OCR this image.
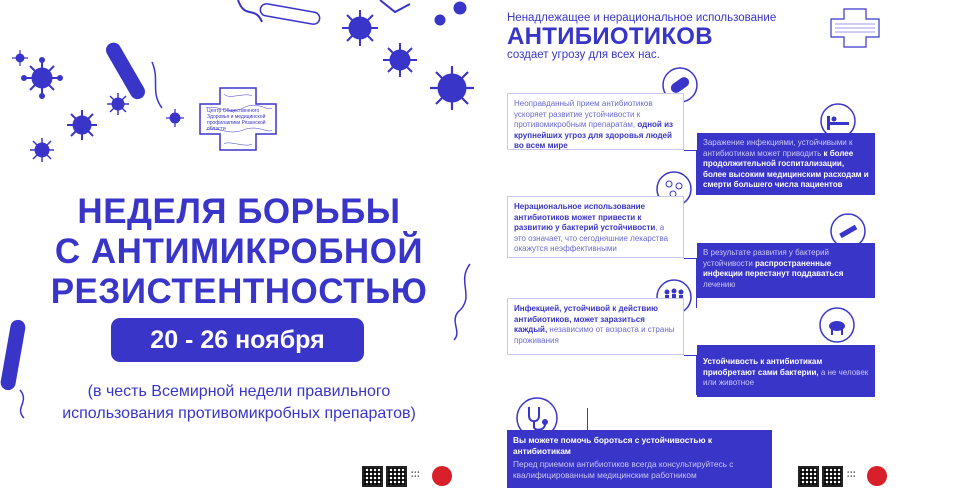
Центр Общественного Здоровья и медицинской профилактики Рязанской области
НЕДЕЛЯ БОРЬБЫ
С АНТИМИКРОБНОЙ
РЕЗИСТЕНТНОСТЬЮ
20 - 26 ноября
(в честь Всемирной недели правильного
использования противомикробных препаратов)
● ● ●
● ● ●
Ненадлежащее и нерациональное использование
АНТИБИОТИКОВ
создает угрозу для всех нас.
Неоправданный прием антибиотиков ускоряет развитие устойчивости к противомикробным препаратам, одной из крупнейших угроз для здоровья людей во всем мире	Заражение инфекциями, устойчивыми к антибиотикам может приводить к более продолжительной госпитализации, более высоким медицинским расходам и смерти большего числа пациентов
Нерациональное использование антибиотиков может привести к развитию у бактерий устойчивости, а это означает, что сегодняшние лекарства окажутся неэффективными	В результате развития у бактерий устойчивости распространенные инфекции перестанут поддаваться лечению
Инфекцией, устойчивой к действию антибиотиков, может заразиться каждый, независимо от возраста и страны проживания
Устойчивость к антибиотикам приобретают сами бактерии, а не человек или животное
Вы можете помочь бороться с устойчивостью к антибиотикам
Перед приемом антибиотиков всегда консультируйтесь с квалифицированным медицинским работником	● ● ●
● ● ●
